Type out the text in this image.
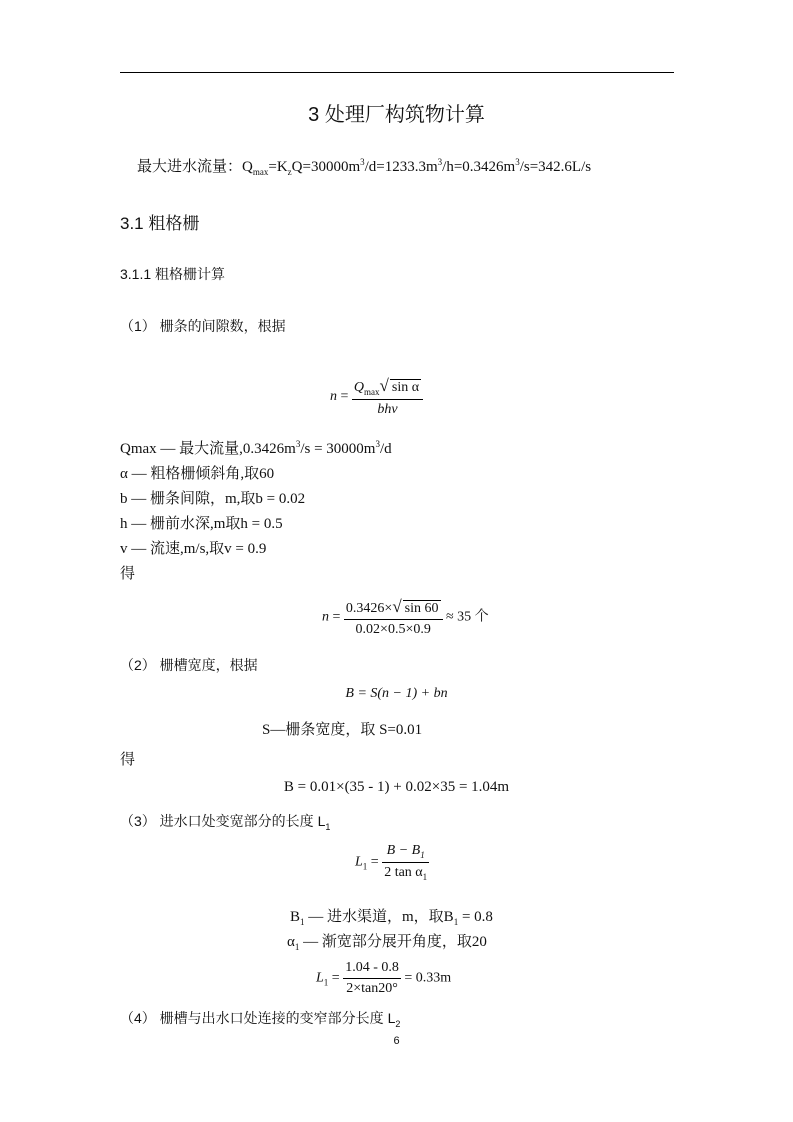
3 处理厂构筑物计算
最大进水流量：$Q_{max}=K_zQ=30000m^3/d=1233.3m^3/h=0.3426m^3/s=342.6L/s$
3.1 粗格栅
3.1.1 粗格栅计算
（1） 栅条的间隙数，根据
$n = \frac{Q_{max}√ \sin \alpha}{\text{bhv}}$
Qmax — 最大流量$,0.3426m^3/s = 30000m^3/d$
α — 粗格栅倾斜角,取60
b — 栅条间隙，m,取b = 0.02
h — 栅前水深,m取h = 0.5
v — 流速,m/s,取v = 0.9
得
$n = \frac{0.3426\times√ \sin 60}{0.02\times 0.5\times 0.9} \approx 35$ 个
（2） 栅槽宽度，根据
B = S(n − 1) + bn
S—栅条宽度，取 S=0.01
得
B = 0.01×(35 - 1) + 0.02×35 = 1.04m
（3） 进水口处变宽部分的长度 $L_1$
$L_1 = \frac{B - B_1}{2 \tan \alpha_1}$
$B_1$ — 进水渠道，m，取$B_1 = 0.8$
$\alpha_1$ — 渐宽部分展开角度，取20
$L_1 = \frac{1.04 - 0.8}{2\times\tan 20^\circ} = 0.33m$
（4） 栅槽与出水口处连接的变窄部分长度 $L_2$
6
